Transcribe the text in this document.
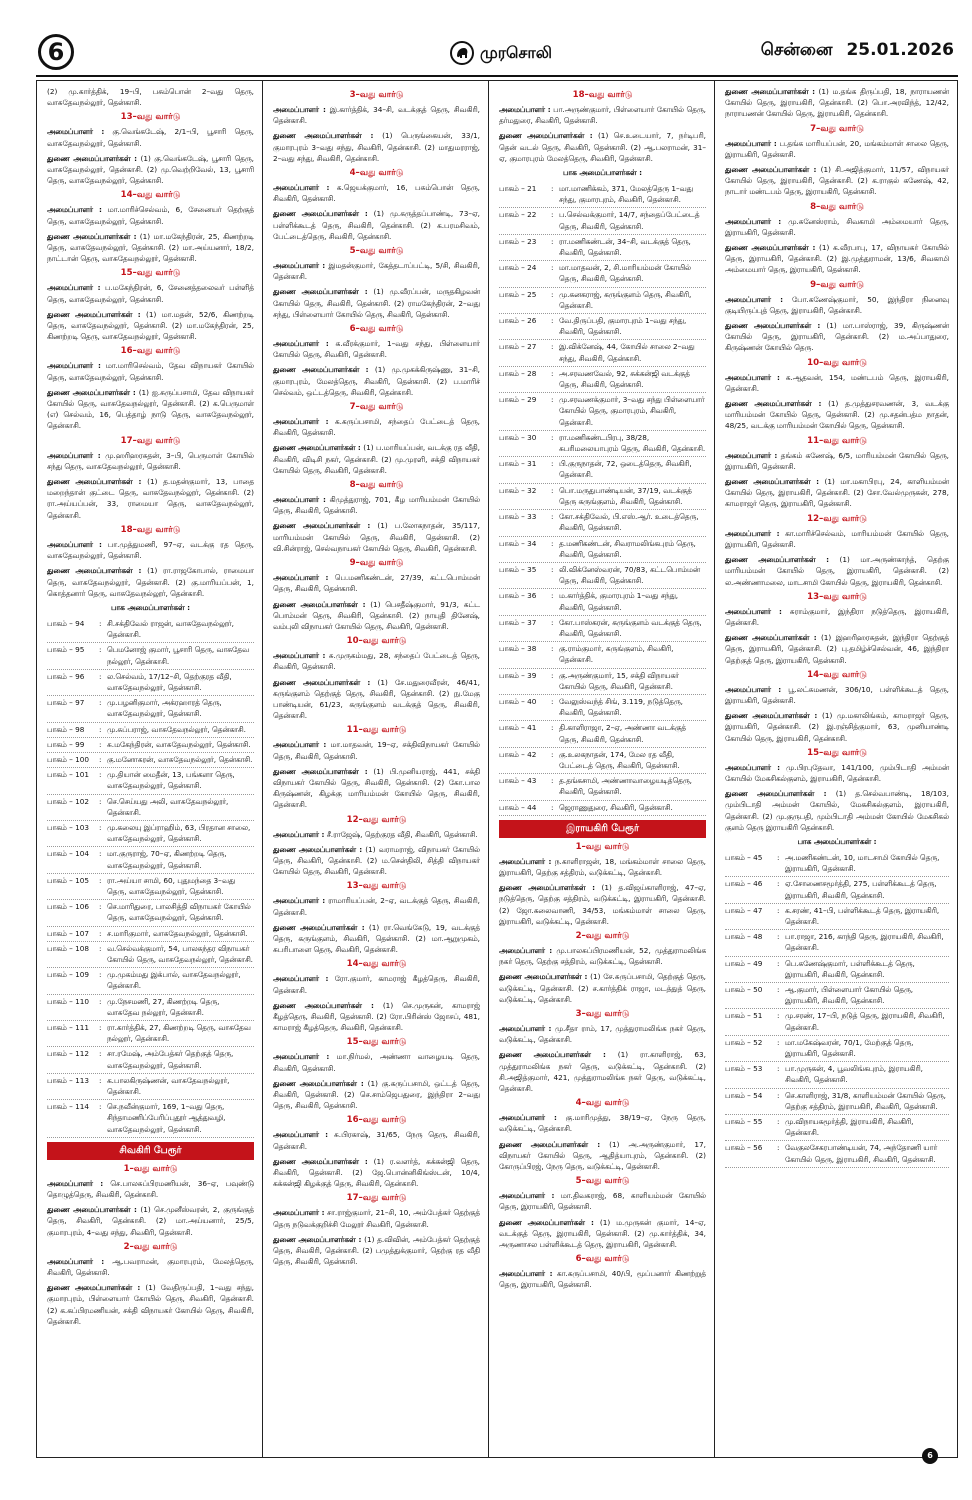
6	முரசொலி	சென்னை 25.01.2026
(2) மு.கார்த்திக், 19–பி, பசும்பொன் 2–வது தெரு, வாசுதேவநல்லூர், தென்காசி.
13–வது வார்டு
அமைப்பாளர் : கு.வெங்கடேஷ், 2/1–பி, பூசாரி தெரு, வாசுதேவநல்லூர், தென்காசி.
துணை அமைப்பாளர்கள் : (1) கு.வெங்கடேஷ், பூசாரி தெரு, வாசுதேவநல்லூர், தென்காசி. (2) மு.வெற்றிவேல், 13, பூசாரி தெரு, வாசுதேவநல்லூர், தென்காசி.
14–வது வார்டு
அமைப்பாளர் : மா.மாரிச்செல்வம், 6, சேனையர் தெற்குத் தெரு, வாசுதேவநல்லூர், தென்காசி.
துணை அமைப்பாளர்கள் : (1) மா.மகேந்திரன், 25, கிணற்றடி தெரு, வாசுதேவநல்லூர், தென்காசி. (2) மா.அய்யனார், 18/2, நாட்டான் தெரு, வாசுதேவநல்லூர், தென்காசி.
15–வது வார்டு
அமைப்பாளர் : ப.மகேந்திரன், 6, சேனைத்தலைவர் பள்ளித் தெரு, வாசுதேவநல்லூர், தென்காசி.
துணை அமைப்பாளர்கள் : (1) மா.மதன், 52/6, கிணற்றடி தெரு, வாசுதேவநல்லூர், தென்காசி. (2) மா.மகேந்திரன், 25, கிணற்றடி தெரு, வாசுதேவநல்லூர், தென்காசி.
16–வது வார்டு
அமைப்பாளர் : மா.மாரிசெல்வம், தேவ விநாயகர் கோயில் தெரு, வாசுதேவநல்லூர், தென்காசி.
துணை அமைப்பாளர்கள் : (1) ஐ.சுருப்பசாமி, தேவ விநாயகர் கோயில் தெரு, வாசுதேவநல்லூர், தென்காசி. (2) க.பெருமாள் (எ) செல்வம், 16, பெத்தாழ் நாடு தெரு, வாசுதேவநல்லூர், தென்காசி.
17–வது வார்டு
அமைப்பாளர் : மு.ஹரிஹரசுதன், 3–பி, பெருமாள் கோயில் சந்து தெரு, வாசுதேவநல்லூர், தென்காசி.
துணை அமைப்பாளர்கள் : (1) த.மதன்குமார், 13, பாதை மறைந்தான் குட்டை தெரு, வாசுதேவநல்லூர், தென்காசி. (2) ரா.அய்யப்பன், 33, ராமையா தெரு, வாசுதேவநல்லூர், தென்காசி.
18–வது வார்டு
அமைப்பாளர் : பா.முத்துமணி, 97–ஏ, வடக்கு ரத தெரு, வாசுதேவநல்லூர், தென்காசி.
துணை அமைப்பாளர்கள் : (1) ரா.ராஜகோபால், ராமையா தெரு, வாசுதேவநல்லூர், தென்காசி. (2) கு.மாரியப்பன், 1, கொத்தனார் தெரு, வாசுதேவநல்லூர், தென்காசி.
பாக அமைப்பாளர்கள் :
பாகம் – 94	: சி.சக்திவேல் ராஜன், வாசுதேவநல்லூர், தென்காசி.
பாகம் – 95	: பெமனோஜ் குமார், பூசாரி தெரு, வாசுதேவ நல்லூர், தென்காசி.
பாகம் – 96	: ல.செல்வம், 17/12–சி, தெற்குரத வீதி, வாசுதேவநல்லூர், தென்காசி.
பாகம் – 97	: மு.பழனிகுமார், அக்ரஹாரத் தெரு, வாசுதேவநல்லூர், தென்காசி.
பாகம் – 98	: மு.சுப்பராஜ், வாசுதேவநல்லூர், தென்காசி.
பாகம் – 99	: சு.மகேந்திரன், வாசுதேவநல்லூர், தென்காசி.
பாகம் – 100	: கு.மனோகரன், வாசுதேவநல்லூர், தென்காசி.
பாகம் – 101	: மு.தியான் மைதீன், 13, பங்களா தெரு, வாசுதேவநல்லூர், தென்காசி.
பாகம் – 102	: செ.செய்யது அலி, வாசுதேவநல்லூர், தென்காசி.
பாகம் – 103	: மு.கலையு இப்ராஹிம், 63, பிரதான சாலை, வாசுதேவநல்லூர், தென்காசி.
பாகம் – 104	: மா.குருராஜ், 70–ஏ, கிணற்றடி தெரு, வாசுதேவநல்லூர், தென்காசி.
பாகம் – 105	: ரா.அய்யா சாமி, 60, புதுமந்தை 3–வது தெரு, வாசுதேவநல்லூர், தென்காசி.
பாகம் – 106	: செ.மாரிதுரை, பாலசித்தி விநாயகர் கோயில் தெரு, வாசுதேவநல்லூர், தென்காசி.
பாகம் – 107	: ச.மாரிகுமார், வாசுதேவநல்லூர், தென்காசி.
பாகம் – 108	: வ.செல்வக்குமார், 54, பாலசுந்தர விநாயகர் கோயில் தெரு, வாசுதேவநல்லூர், தென்காசி.
பாகம் – 109	: மு.முகம்மது இக்பால், வாசுதேவநல்லூர், தென்காசி.
பாகம் – 110	: மு.நேசமணி, 27, கிணற்றடி தெரு, வாசுதேவ நல்லூர், தென்காசி.
பாகம் – 111	: ரா.கார்த்திக், 27, கிணற்றடி தெரு, வாசுதேவ நல்லூர், தென்காசி.
பாகம் – 112	: சா.ரமேஷ், அம்பேத்கர் தெற்குத் தெரு, வாசுதேவநல்லூர், தென்காசி.
பாகம் – 113	: க.பாலகிருஷ்ணன், வாசுதேவநல்லூர், தென்காசி.
பாகம் – 114	: செ.நவீன்குமார், 169, 1–வது தெரு, சிந்தாமணிப்பேரிப்புதூர் ஆத்துவழி, வாசுதேவநல்லூர், தென்காசி.
சிவகிரி பேரூர்
1–வது வார்டு
அமைப்பாளர் : செ.பாலசுப்பிரமணியன், 36–ஏ, பவுண்டு தொழுத்தெரு, சிவகிரி, தென்காசி.
துணை அமைப்பாளர்கள் : (1) செ.முனீஸ்வரன், 2, குருங்குத் தெரு, சிவகிரி, தென்காசி. (2) மா.அய்யனார், 25/5, குமாரபுரம், 4–வது சந்து, சிவகிரி, தென்காசி.
2–வது வார்டு
அமைப்பாளர் : ஆ.பவராமன், குமாரபுரம், மேலத்தெரு, சிவகிரி, தென்காசி.
துணை அமைப்பாளர்கள் : (1) வேதிருப்பதி, 1–வது சந்து, குமாரபுரம், பிள்ளையார் கோயில் தெரு, சிவகிரி, தென்காசி. (2) க.கப்பிரமணியன், சக்தி விநாயகர் கோயில் தெரு, சிவகிரி, தென்காசி.
3–வது வார்டு
அமைப்பாளர் : இ.கார்த்திக், 34–சி, வடக்குத் தெரு, சிவகிரி, தென்காசி.
துணை அமைப்பாளர்கள் : (1) பெருங்கையன், 33/1, குமாரபுரம் 3–வது சந்து, சிவகிரி, தென்காசி. (2) மாதுமரராஜ், 2–வது சந்து, சிவகிரி, தென்காசி.
4–வது வார்டு
அமைப்பாளர் : க.ஜெயக்குமார், 16, பசும்பொன் தெரு, சிவகிரி, தென்காசி.
துணை அமைப்பாளர்கள் : (1) மு.கருத்தப்பாண்டி, 73–ஏ, பள்ளிக்கூடத் தெரு, சிவகிரி, தென்காசி. (2) க.பரமசிவம், பேட்டைத்தெரு, சிவகிரி, தென்காசி.
5–வது வார்டு
அமைப்பாளர் : இமதன்குமார், கேத்தடாப்பட்டி, 5/சி, சிவகிரி, தென்காசி.
துணை அமைப்பாளர்கள் : (1) மு.வீரப்பன், மருதகிழவன் கோயில் தெரு, சிவகிரி, தென்காசி. (2) ராமகேந்திரன், 2–வது சந்து, பிள்ளையார் கோயில் தெரு, சிவகிரி, தென்காசி.
6–வது வார்டு
அமைப்பாளர் : க.வீரக்குமார், 1–வது சந்து, பிள்ளையார் கோயில் தெரு, சிவகிரி, தென்காசி.
துணை அமைப்பாளர்கள் : (1) மு.முகக்கிருஷ்ணு, 31–சி, குமாரபுரம், மேலத்தெரு, சிவகிரி, தென்காசி. (2) ப.மாரிச் செல்வம், ஒட்டத்தெரு, சிவகிரி, தென்காசி.
7–வது வார்டு
அமைப்பாளர் : க.கருப்பசாமி, சந்தைப் பேட்டைத் தெரு, சிவகிரி, தென்காசி.
துணை அமைப்பாளர்கள் : (1) ப.மாரியப்பன், வடக்கு ரத வீதி, சிவகிரி, விடிசி நகர், தென்காசி. (2) மு.முரளி, சக்தி விநாயகர் கோயில் தெரு, சிவகிரி, தென்காசி.
8–வது வார்டு
அமைப்பாளர் : கிமுத்துராஜ், 701, கீழ மாரியம்மன் கோயில் தெரு, சிவகிரி, தென்காசி.
துணை அமைப்பாளர்கள் : (1) ப.லோகநாதன், 35/117, மாரியம்மன் கோயில் தெரு, சிவகிரி, தென்காசி. (2) வி.சின்ராஜ், செல்வநாயகர் கோயில் தெரு, சிவகிரி, தென்காசி.
9–வது வார்டு
அமைப்பாளர் : பெ.மணிகண்டன், 27/39, கட்டபொம்மன் தெரு, சிவகிரி, தென்காசி.
துணை அமைப்பாளர்கள் : (1) பெசதீஷ்குமார், 91/3, கட்ட பொம்மன் தெரு, சிவகிரி, தென்காசி. (2) நாயுதி தினேஷ், வம்புலி விநாயகர் கோயில் தெரு, சிவகிரி, தென்காசி.
10–வது வார்டு
அமைப்பாளர் : சு.முருகம்மது, 28, சந்தைப் பேட்டைத் தெரு, சிவகிரி, தென்காசி.
துணை அமைப்பாளர்கள் : (1) சே.மதுரைவீரன், 46/41, கருங்குளம் தெற்குத் தெரு, சிவகிரி, தென்காசி. (2) நு.மேகு பாண்டியன், 61/23, கருங்குளம் வடக்குத் தெரு, சிவகிரி, தென்காசி.
11–வது வார்டு
அமைப்பாளர் : மா.மாதவன், 19–ஏ, சக்திவிநாயகர் கோயில் தெரு, சிவகிரி, தென்காசி.
துணை அமைப்பாளர்கள் : (1) பி.முனியராஜ், 441, சக்தி விநாயகர் கோயில் தெரு, சிவகிரி, தென்காசி. (2) கோ.பால கிருஷ்ணன், கிழக்கு மாரியம்மன் கோயில் தெரு, சிவகிரி, தென்காசி.
12–வது வார்டு
அமைப்பாளர் : சீ.ராஜேஷ், தெற்குரத வீதி, சிவகிரி, தென்காசி.
துணை அமைப்பாளர்கள் : (1) வராமராஜ், விநாயகர் கோயில் தெரு, சிவகிரி, தென்காசி. (2) ம.சென்திலி, சித்தி விநாயகர் கோயில் தெரு, சிவகிரி, தென்காசி.
13–வது வார்டு
அமைப்பாளர் : ராமாரியப்பன், 2–ஏ, வடக்குத் தெரு, சிவகிரி, தென்காசி.
துணை அமைப்பாளர்கள் : (1) ரா.வெங்கேடு, 19, வடக்குத் தெரு, கருங்குளம், சிவகிரி, தென்காசி. (2) மா.ஆறுமுகம், சுபரிபாளை தெரு, சிவகிரி, தென்காசி.
14–வது வார்டு
அமைப்பாளர் : ரோ.குமார், காமராஜ் கீழத்தெரு, சிவகிரி, தென்காசி.
துணை அமைப்பாளர்கள் : (1) செ.முருகன், காமராஜ் கீழத்தெரு, சிவகிரி, தென்காசி. (2) ரோ.பிரின்ஸ் ஜோசப், 481, காமராஜ் கீழத்தெரு, சிவகிரி, தென்காசி.
15–வது வார்டு
அமைப்பாளர் : மா.நிர்மல், அண்ணா வாழையடி தெரு, சிவகிரி, தென்காசி.
துணை அமைப்பாளர்கள் : (1) கு.கருப்பசாமி, ஒட்டத் தெரு, சிவகிரி, தென்காசி. (2) செ.சாம்ஜெபதுரை, இந்திரா 2–வது தெரு, சிவகிரி, தென்காசி.
16–வது வார்டு
அமைப்பாளர் : சு.பிரகாஷ், 31/65, நேரு தெரு, சிவகிரி, தென்காசி.
துணை அமைப்பாளர்கள் : (1) ர.வளர்த், கக்கன்ஜி தெரு, சிவகிரி, தென்காசி. (2) ஜே.பொன்னிகிங்ஸ்டன், 10/4, கக்கன்ஜி கிழக்குத் தெரு, சிவகிரி, தென்காசி.
17–வது வார்டு
அமைப்பாளர் : சா.ராஜ்குமார், 21–சி, 10, அம்பேத்கர் தெற்குத் தெரு நடுவக்குறிச்சி மேலூர் சிவகிரி, தென்காசி.
துணை அமைப்பாளர்கள் : (1) த.விவின், அம்பேத்கர் தெற்குத் தெரு, சிவகிரி, தென்காசி. (2) பமுத்துக்குமார், தெற்கு ரத வீதி தெரு, சிவகிரி, தென்காசி.
18–வது வார்டு
அமைப்பாளர் : பா.அருண்குமார், பிள்ளையார் கோயில் தெரு, தர்மதுரை, சிவகிரி, தென்காசி.
துணை அமைப்பாளர்கள் : (1) செ.உடையார், 7, நர்டிபரி, தென் வடல் தெரு, சிவகிரி, தென்காசி. (2) ஆ.பலராமன், 31–ஏ, குமாரபுரம் மேலத்தெரு, சிவகிரி, தென்காசி.
பாக அமைப்பாளர்கள் :
பாகம் – 21	: மா.மாணிக்கம், 371, மேலத்தெரு 1–வது சந்து, குமாரபுரம், சிவகிரி, தென்காசி.
பாகம் – 22	: ப.செல்வக்குமார், 14/7, சந்தைப்பேட்டைத் தெரு, சிவகிரி, தென்காசி.
பாகம் – 23	: ரா.மணிகண்டன், 34–சி, வடக்குத் தெரு, சிவகிரி, தென்காசி.
பாகம் – 24	: மா.மாதவன், 2, சி.மாரியம்மன் கோயில் தெரு, சிவகிரி, தென்காசி.
பாகம் – 25	: மு.கனகராஜ், கருங்குளம் தெரு, சிவகிரி, தென்காசி.
பாகம் – 26	: வே.திருப்பதி, குமாரபுரம் 1–வது சந்து, சிவகிரி, தென்காசி.
பாகம் – 27	: இ.விக்னேஷ், 44, கோயில் சாலை 2–வது சந்து, சிவகிரி, தென்காசி.
பாகம் – 28	: அ.சரவணவேல், 92, சுக்கன்ஜி வடக்குத் தெரு, சிவகிரி, தென்காசி.
பாகம் – 29	: மு.சரவணக்குமார், 3–வது சந்து பிள்ளையார் கோயில் தெரு, குமாரபுரம், சிவகிரி, தென்காசி.
பாகம் – 30	: ரா.மணிகண்டபிரபு, 38/28, சுபரிமலையாபுரம் தெரு, சிவகிரி, தென்காசி.
பாகம் – 31	: பி.குருநாதன், 72, ஒடைத்தெரு, சிவகிரி, தென்காசி.
பாகம் – 32	: பொ.மருதுபாண்டியன், 37/19, வடக்குத் தெரு கருங்குளம், சிவகிரி, தென்காசி.
பாகம் – 33	: கோ.சக்திவேல், பி.எஸ்.ஆர். உடைத்தெரு, சிவகிரி, தென்காசி.
பாகம் – 34	: த.மணிகண்டன், சிவராமலிங்கபுரம் தெரு, சிவகிரி, தென்காசி.
பாகம் – 35	: லி.விக்னேஸ்வரன், 70/83, கட்டபொம்மன் தெரு, சிவகிரி, தென்காசி.
பாகம் – 36	: ம.கார்த்திக், குமாரபுரம் 1–வது சந்து, சிவகிரி, தென்காசி.
பாகம் – 37	: கோ.பாஸ்கரன், கருங்குளம் வடக்குத் தெரு, சிவகிரி, தென்காசி.
பாகம் – 38	: கு.ராம்குமார், கருங்குளம், சிவகிரி, தென்காசி.
பாகம் – 39	: கு.அருண்குமார், 15, சக்தி விநாயகர் கோயில் தெரு, சிவகிரி, தென்காசி.
பாகம் – 40	: வேலுஸ்வந்த் சிங், 3.119, நடுத்தெரு, சிவகிரி, தென்காசி.
பாகம் – 41	: தி.காளிராஜா, 2–ஏ, அண்ணா வடக்குத் தெரு, சிவகிரி, தென்காசி.
பாகம் – 42	: கு.உலகநாதன், 174, மேல ரத வீதி, பேட்டைத் தெரு, சிவகிரி, தென்காசி.
பாகம் – 43	: த.தங்கசாமி, அண்ணாவாழையடித்தெரு, சிவகிரி, தென்காசி.
பாகம் – 44	: ஜெராணுதுரை, சிவகிரி, தென்காசி.
இராயகிரி பேரூர்
1–வது வார்டு
அமைப்பாளர் : ந.காளிராஜன், 18, மங்கம்மாள் சாலை தெரு, இராயகிரி, தெற்கு சத்திரம், வடுக்கட்டி, தென்காசி.
துணை அமைப்பாளர்கள் : (1) த.விஜய்காளிராஜ், 47–ஏ, நடுத்தெரு, தெற்கு சத்திரம், வடுக்கட்டி, இராயகிரி, தென்காசி. (2) ஜோ.கலைவாணி, 34/53, மங்கம்மாள் சாலை தெரு, இராயகிரி, வடுக்கட்டி, தென்காசி.
2–வது வார்டு
அமைப்பாளர் : மு.பாலசுப்பிரமணியன், 52, முத்துராமலிங்க நகர் தெரு, தெற்கு சத்திரம், வடுக்கட்டி, தென்காசி.
துணை அமைப்பாளர்கள் : (1) சே.சுருப்பசாமி, தெற்குத் தெரு, வடுக்கட்டி, தென்காசி. (2) ச.கார்த்திக் ராஜா, மடத்துத் தெரு, வடுக்கட்டி, தென்காசி.
3–வது வார்டு
அமைப்பாளர் : மு.சீதா ராம், 17, முத்துராமலிங்க நகர் தெரு, வடுக்கட்டி, தென்காசி.
துணை அமைப்பாளர்கள் : (1) ரா.காளிராஜ், 63, முத்துராமலிங்க நகர் தெரு, வடுக்கட்டி, தென்காசி. (2) சி.அஜித்குமார், 421, முத்துராமலிங்க நகர் தெரு, வடுக்கட்டி, தென்காசி.
4–வது வார்டு
அமைப்பாளர் : கு.மாரிமுத்து, 38/19–ஏ, நேரு தெரு, வடுக்கட்டி, தென்காசி.
துணை அமைப்பாளர்கள் : (1) அ.அருண்குமார், 17, விநாயகர் கோயில் தெரு, ஆதித்யாபுரம், தென்காசி. (2) கோருப்பிரஜ், நேரு தெரு, வடுக்கட்டி, தென்காசி.
5–வது வார்டு
அமைப்பாளர் : மா.திவகராஜ், 68, காளியம்மன் கோயில் தெரு, இராயகிரி, தென்காசி.
துணை அமைப்பாளர்கள் : (1) ம.முருகன் குமார், 14–ஏ, வடக்குத் தெரு, இராயகிரி, தென்காசி. (2) மு.கார்த்திக், 34, அருணாசல பள்ளிக்கூடத் தெரு, இராயகிரி, தென்காசி.
6–வது வார்டு
அமைப்பாளர் : கா.கருப்பசாமி, 40/பி, மூப்பனார் கிணற்றுத் தெரு, இராயகிரி, தென்காசி.
துணை அமைப்பாளர்கள் : (1) ம.தங்க திருப்பதி, 18, நாராயணன் கோயில் தெரு, இராயகிரி, தென்காசி. (2) பொ.அரவிந்த், 12/42, நாராயணன் கோயில் தெரு, இராயகிரி, தென்காசி.
7–வது வார்டு
அமைப்பாளர் : ப.தங்க மாரியப்பன், 20, மங்கம்மாள் சாலை தெரு, இராயகிரி, தென்காசி.
துணை அமைப்பாளர்கள் : (1) சி.அஜித்குமார், 11/57, விநாயகர் கோயில் தெரு, இராயகிரி, தென்காசி. (2) க.ராகுல் கணேஷ், 42, நாடார் மண்டபம் தெரு, இராயகிரி, தென்காசி.
8–வது வார்டு
அமைப்பாளர் : மு.சுனேஸ்ராம், சிவகாமி அம்மையார் தெரு, இராயகிரி, தென்காசி.
துணை அமைப்பாளர்கள் : (1) க.வீரபாபு, 17, விநாயகர் கோயில் தெரு, இராயகிரி, தென்காசி. (2) இ.முத்துராமன், 13/6, சிவகாமி அம்மையார் தெரு, இராயகிரி, தென்காசி.
9–வது வார்டு
அமைப்பாளர் : போ.கணேஷ்குமார், 50, இந்திரா நினைவு குடியிருப்புத் தெரு, இராயகிரி, தென்காசி.
துணை அமைப்பாளர்கள் : (1) மா.பாஸ்ராஜ், 39, கிருஷ்ணன் கோயில் தெரு, இராயகிரி, தென்காசி. (2) ம.அப்பாதுரை, கிருஷ்ணன் கோயில் தெரு.
10–வது வார்டு
அமைப்பாளர் : க.ஆதவன், 154, மண்டபம் தெரு, இராயகிரி, தென்காசி.
துணை அமைப்பாளர்கள் : (1) த.முத்துசரவணன், 3, வடக்கு மாரியம்மன் கோயில் தெரு, தென்காசி. (2) மு.சதன்பத்ம நாதன், 48/25, வடக்கு மாரியம்மன் கோயில் தெரு, தென்காசி.
11–வது வார்டு
அமைப்பாளர் : தங்கம் கணேஷ், 6/5, மாரியம்மன் கோயில் தெரு, இராயகிரி, தென்காசி.
துணை அமைப்பாளர்கள் : (1) மா.மகாபிரபு, 24, காளியம்மன் கோயில் தெரு, இராயகிரி, தென்காசி. (2) சோ.வேல்முருகன், 278, காமராஜர் தெரு, இராயகிரி, தென்காசி.
12–வது வார்டு
அமைப்பாளர் : கா.மாரிச்செல்வம், மாரியம்மன் கோயில் தெரு, இராயகிரி, தென்காசி.
துணை அமைப்பாளர்கள் : (1) மா.அருண்காந்த், தெற்கு மாரியம்மன் கோயில் தெரு, இராயகிரி, தென்காசி. (2) ல.அண்ணாமலை, மாடசாமி கோயில் தெரு, இராயகிரி, தென்காசி.
13–வது வார்டு
அமைப்பாளர் : சுராம்குமார், இந்திரா நடுத்தெரு, இராயகிரி, தென்காசி.
துணை அமைப்பாளர்கள் : (1) இஹரிஹரசுதன், இந்திரா தெற்குத் தெரு, இராயகிரி, தென்காசி. (2) பு.தமிழ்ச்செல்வன், 46, இந்திரா தெற்குத் தெரு, இராயகிரி, தென்காசி.
14–வது வார்டு
அமைப்பாளர் : பூ.லட்சுமணன், 306/10, பள்ளிக்கூடத் தெரு, இராயகிரி, தென்காசி.
துணை அமைப்பாளர்கள் : (1) மு.மகாலிங்கம், காமராஜர் தெரு, இராயகிரி, தென்காசி. (2) இ.ரஞ்சித்குமார், 63, முனியாண்டி கோயில் தெரு, இராயகிரி, தென்காசி.
15–வது வார்டு
அமைப்பாளர் : மு.பிரபுதேவா, 141/100, மும்பிடாதி அம்மன் கோயில் மேகசிகல்குளம், இராயகிரி, தென்காசி.
துணை அமைப்பாளர்கள் : (1) த.செல்வபாண்டி, 18/103, மும்பிடாதி அம்மன் கோயில், மேகசிகல்குளம், இராயகிரி, தென்காசி. (2) மு.குருபதி, மும்பிடாதி அம்மன் கோயில் மேகசிகல் குளம் தெரு இராயகிரி தென்காசி.
பாக அமைப்பாளர்கள் :
பாகம் – 45	: அ.மணிகண்டன், 10, மாடசாமி கோயில் தெரு, இராயகிரி, தென்காசி.
பாகம் – 46	: ஏ.சோணைசமூர்த்தி, 275, பள்ளிக்கூடத் தெரு, இராயகிரி, சிவகிரி, தென்காசி.
பாகம் – 47	: க.சரண், 41–பி, பள்ளிக்கூடத் தெரு, இராயகிரி, தென்காசி.
பாகம் – 48	: பா.ராஜா, 216, காந்தி தெரு, இராயகிரி, சிவகிரி, தென்காசி.
பாகம் – 49	: பெ.கணேஷ்குமார், பள்ளிக்கூடத் தெரு, இராயகிரி, சிவகிரி, தென்காசி.
பாகம் – 50	: ஆ.குமார், பிள்ளையார் கோயில் தெரு, இராயகிரி, சிவகிரி, தென்காசி.
பாகம் – 51	: மு.சரண், 17–பி, நடுத் தெரு, இராயகிரி, சிவகிரி, தென்காசி.
பாகம் – 52	: மா.மகேஷ்வரன், 70/1, மேற்குத் தெரு, இராயகிரி, தென்காசி.
பாகம் – 53	: பா.முருகன், 4, பூவலிங்கபுரம், இராயகிரி, சிவகிரி, தென்காசி.
பாகம் – 54	: செ.காளிராஜ், 31/8, காளியம்மன் கோயில் தெரு, தெற்கு சத்திரம், இராயகிரி, சிவகிரி, தென்காசி.
பாகம் – 55	: மு.விநாயகமூர்த்தி, இராயகிரி, சிவகிரி, தென்காசி.
பாகம் – 56	: வேகுலசேகரபாண்டியன், 74, அந்தோணி யார் கோயில் தெரு, இராயகிரி, சிவகிரி, தென்காசி.
6
